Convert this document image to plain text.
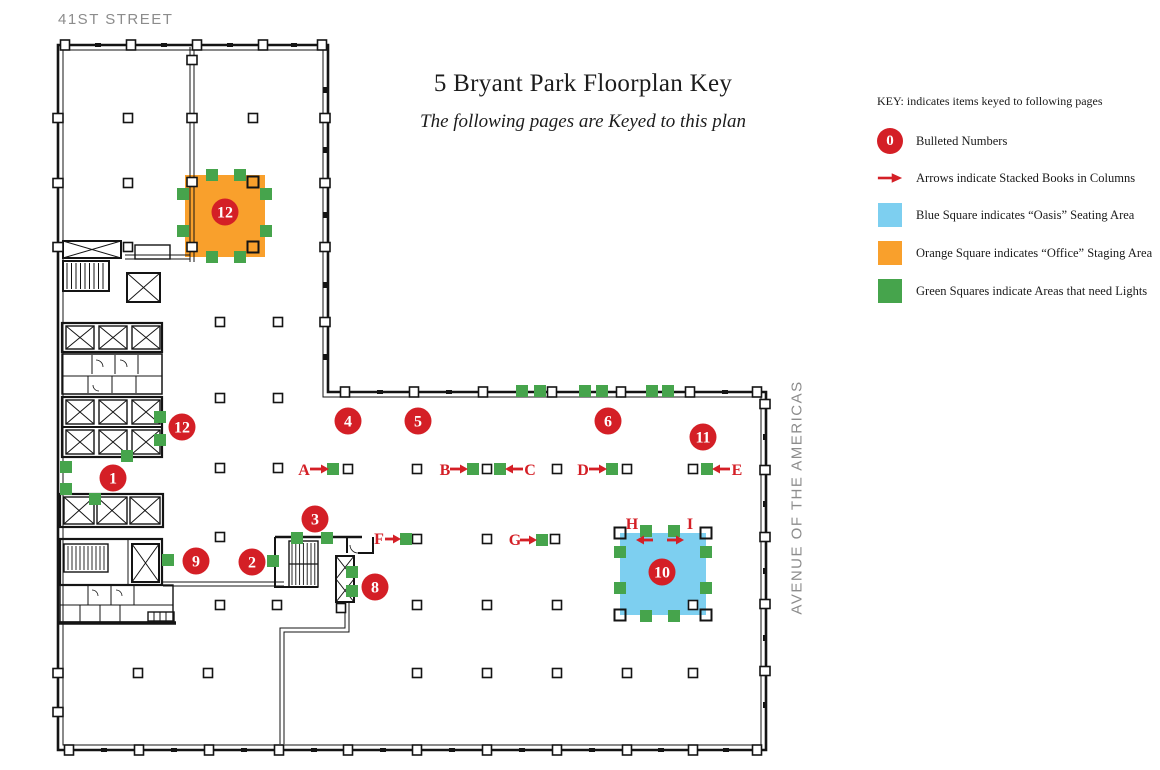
A	B	C	D	E
F	G
H	I
12
1
4	5	6
11
3
9	2
8
12
10
41ST STREET
AVENUE OF THE AMERICAS
5 Bryant Park Floorplan Key
The following pages are Keyed to this plan
KEY: indicates items keyed to following pages
0 Bulleted Numbers
Arrows indicate Stacked Books in Columns
Blue Square indicates “Oasis” Seating Area
Orange Square indicates “Office” Staging Area
Green Squares indicate Areas that need Lights
